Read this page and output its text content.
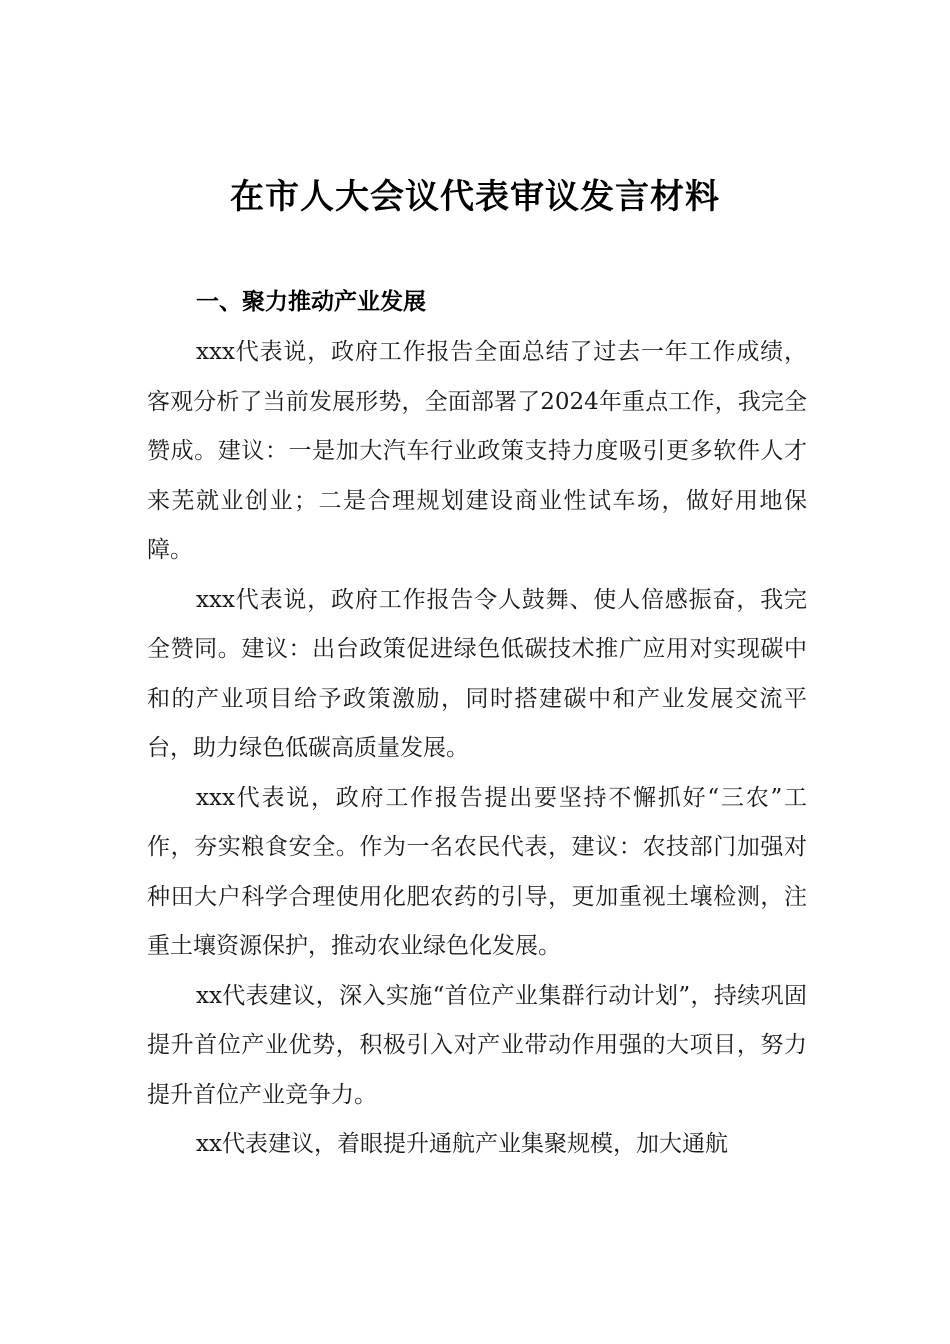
在市人大会议代表审议发言材料
一、聚力推动产业发展

xxx代表说，政府工作报告全面总结了过去一年工作成绩，客观分析了当前发展形势，全面部署了2024年重点工作，我完全赞成。建议：一是加大汽车行业政策支持力度吸引更多软件人才来芜就业创业；二是合理规划建设商业性试车场，做好用地保障。

xxx代表说，政府工作报告令人鼓舞、使人倍感振奋，我完全赞同。建议：出台政策促进绿色低碳技术推广应用对实现碳中和的产业项目给予政策激励，同时搭建碳中和产业发展交流平台，助力绿色低碳高质量发展。

xxx代表说，政府工作报告提出要坚持不懈抓好“三农”工作，夯实粮食安全。作为一名农民代表，建议：农技部门加强对种田大户科学合理使用化肥农药的引导，更加重视土壤检测，注重土壤资源保护，推动农业绿色化发展。

xx代表建议，深入实施“首位产业集群行动计划”，持续巩固提升首位产业优势，积极引入对产业带动作用强的大项目，努力提升首位产业竞争力。

xx代表建议，着眼提升通航产业集聚规模，加大通航
